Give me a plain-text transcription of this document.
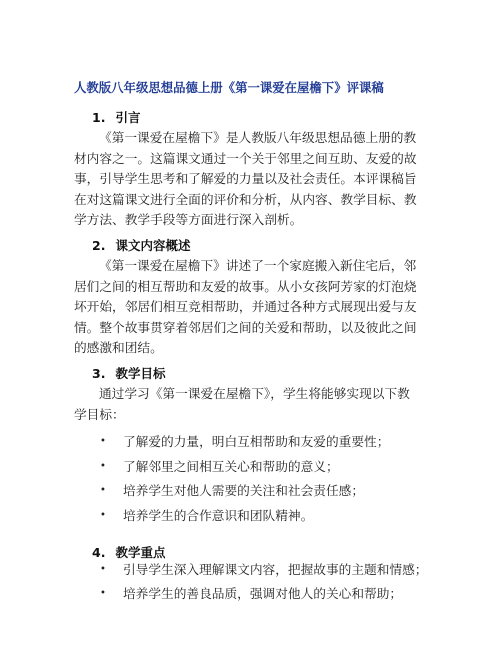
人教版八年级思想品德上册《第一课爱在屋檐下》评课稿
1. 引言
《第一课爱在屋檐下》是人教版八年级思想品德上册的教
材内容之一。这篇课文通过一个关于邻里之间互助、友爱的故
事，引导学生思考和了解爱的力量以及社会责任。本评课稿旨
在对这篇课文进行全面的评价和分析，从内容、教学目标、教
学方法、教学手段等方面进行深入剖析。
2. 课文内容概述
《第一课爱在屋檐下》讲述了一个家庭搬入新住宅后，邻
居们之间的相互帮助和友爱的故事。从小女孩阿芳家的灯泡烧
坏开始，邻居们相互竞相帮助，并通过各种方式展现出爱与友
情。整个故事贯穿着邻居们之间的关爱和帮助，以及彼此之间
的感激和团结。
3. 教学目标
通过学习《第一课爱在屋檐下》，学生将能够实现以下教
学目标：
• 了解爱的力量，明白互相帮助和友爱的重要性；
• 了解邻里之间相互关心和帮助的意义；
• 培养学生对他人需要的关注和社会责任感；
• 培养学生的合作意识和团队精神。
4. 教学重点
• 引导学生深入理解课文内容，把握故事的主题和情感；
• 培养学生的善良品质，强调对他人的关心和帮助；
